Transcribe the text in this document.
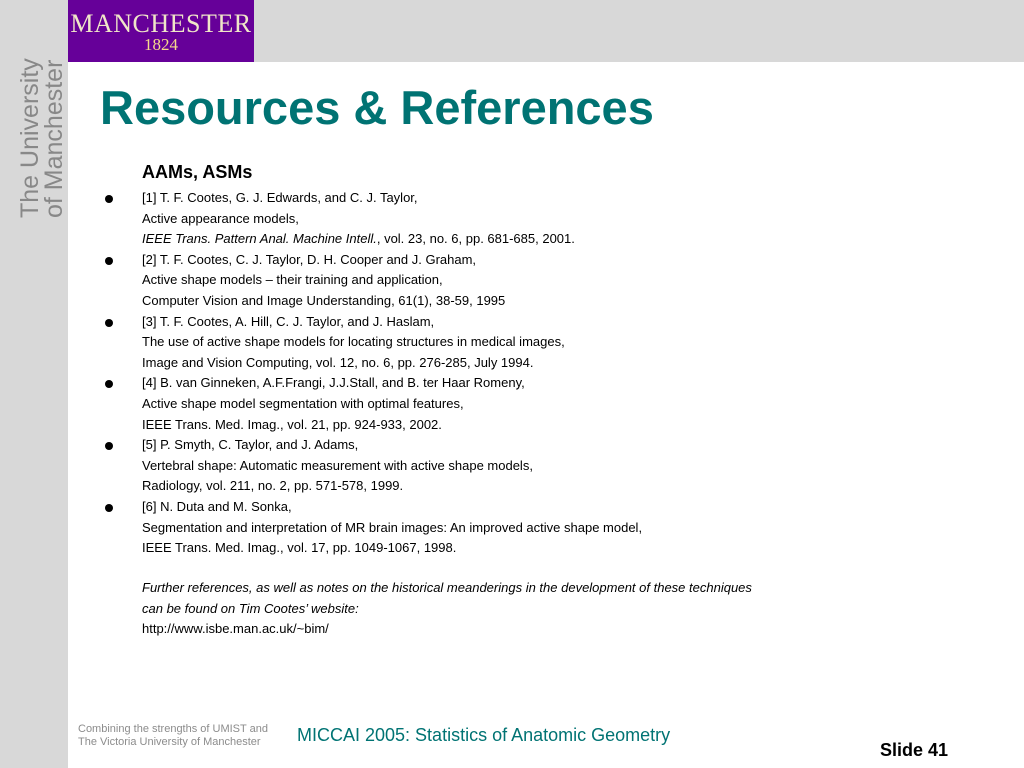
MANCHESTER
1824
The University
of Manchester Resources & References
AAMs, ASMs
[1] T. F. Cootes, G. J. Edwards, and C. J. Taylor,
Active appearance models,
IEEE Trans. Pattern Anal. Machine Intell., vol. 23, no. 6, pp. 681-685, 2001.
[2] T. F. Cootes, C. J. Taylor, D. H. Cooper and J. Graham,
Active shape models – their training and application,
Computer Vision and Image Understanding, 61(1), 38-59, 1995
[3] T. F. Cootes, A. Hill, C. J. Taylor, and J. Haslam,
The use of active shape models for locating structures in medical images,
Image and Vision Computing, vol. 12, no. 6, pp. 276-285, July 1994.
[4] B. van Ginneken, A.F.Frangi, J.J.Stall, and B. ter Haar Romeny,
Active shape model segmentation with optimal features,
IEEE Trans. Med. Imag., vol. 21, pp. 924-933, 2002.
[5] P. Smyth, C. Taylor, and J. Adams,
Vertebral shape: Automatic measurement with active shape models,
Radiology, vol. 211, no. 2, pp. 571-578, 1999.
[6] N. Duta and M. Sonka,
Segmentation and interpretation of MR brain images: An improved active shape model,
IEEE Trans. Med. Imag., vol. 17, pp. 1049-1067, 1998.
Further references, as well as notes on the historical meanderings in the development of these techniques
can be found on Tim Cootes’ website:
http://www.isbe.man.ac.uk/~bim/
Combining the strengths of UMIST and
The Victoria University of Manchester	MICCAI 2005: Statistics of Anatomic Geometry
Slide 41
